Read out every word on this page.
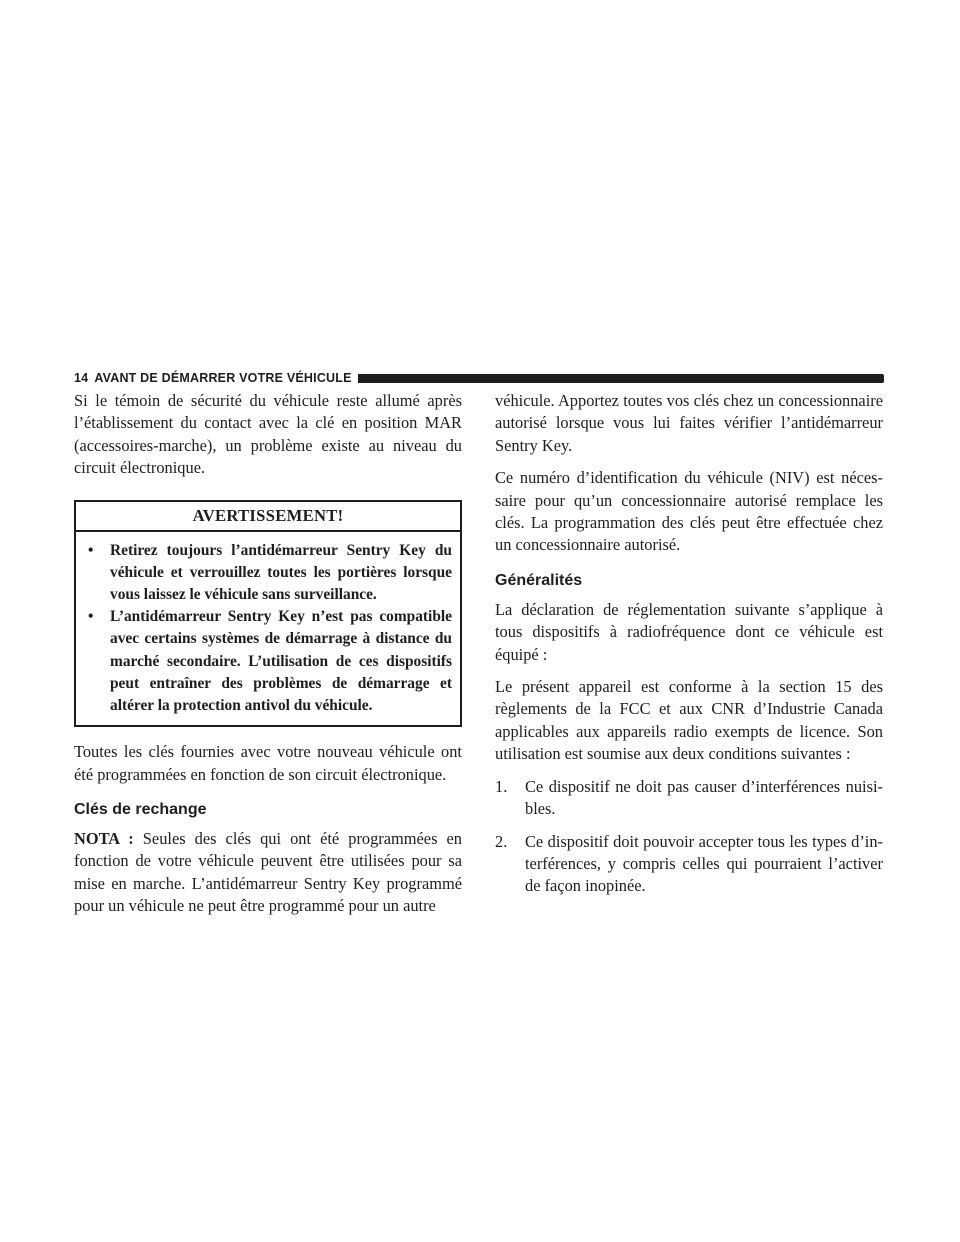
14 AVANT DE DÉMARRER VOTRE VÉHICULE

Si le témoin de sécurité du véhicule reste allumé après l’établissement du contact avec la clé en position MAR (accessoires-marche), un problème existe au niveau du circuit électronique.

AVERTISSEMENT!
• Retirez toujours l’antidémarreur Sentry Key du véhicule et verrouillez toutes les portières lorsque vous laissez le véhicule sans surveillance.
• L’antidémarreur Sentry Key n’est pas compatible avec certains systèmes de démarrage à distance du marché secondaire. L’utilisation de ces dispositifs peut entraîner des problèmes de démarrage et altérer la protection antivol du véhicule.

Toutes les clés fournies avec votre nouveau véhicule ont été programmées en fonction de son circuit électronique.

Clés de rechange

NOTA : Seules des clés qui ont été programmées en fonction de votre véhicule peuvent être utilisées pour sa mise en marche. L’antidémarreur Sentry Key programmé pour un véhicule ne peut être programmé pour un autre

véhicule. Apportez toutes vos clés chez un concessionnaire autorisé lorsque vous lui faites vérifier l’antidémarreur Sentry Key.

Ce numéro d’identification du véhicule (NIV) est nécessaire pour qu’un concessionnaire autorisé remplace les clés. La programmation des clés peut être effectuée chez un concessionnaire autorisé.

Généralités

La déclaration de réglementation suivante s’applique à tous dispositifs à radiofréquence dont ce véhicule est équipé :

Le présent appareil est conforme à la section 15 des règlements de la FCC et aux CNR d’Industrie Canada applicables aux appareils radio exempts de licence. Son utilisation est soumise aux deux conditions suivantes :

1. Ce dispositif ne doit pas causer d’interférences nuisibles.
2. Ce dispositif doit pouvoir accepter tous les types d’interférences, y compris celles qui pourraient l’activer de façon inopinée.
